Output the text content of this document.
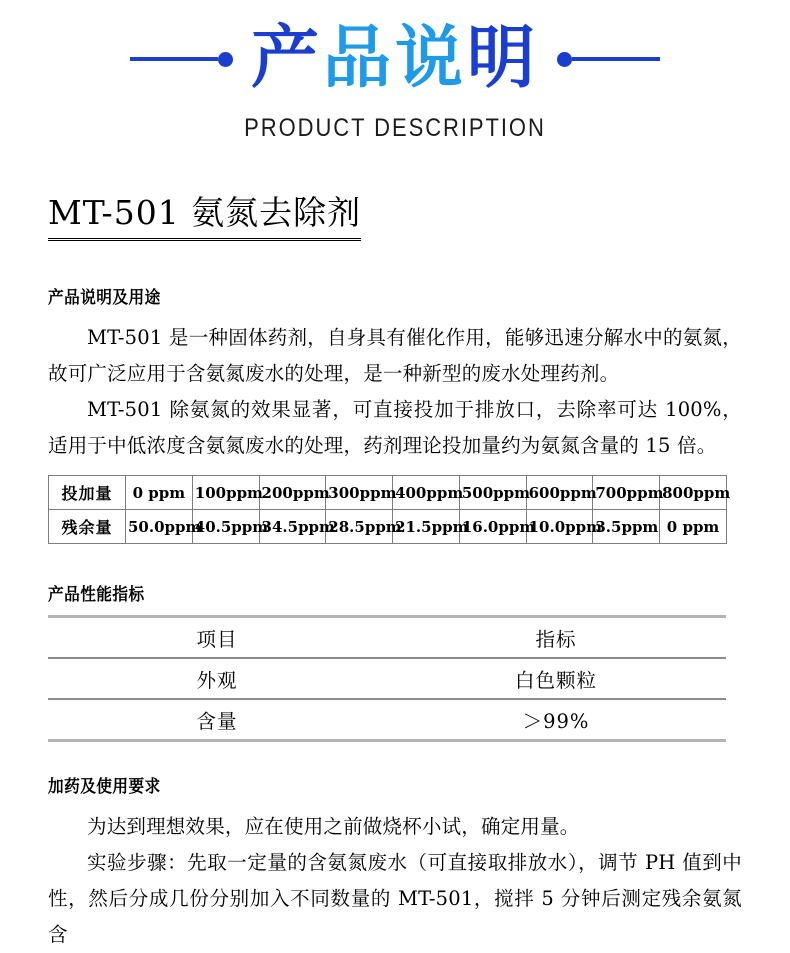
产品说明
PRODUCT DESCRIPTION
MT-501 氨氮去除剂

产品说明及用途

MT-501 是一种固体药剂，自身具有催化作用，能够迅速分解水中的氨氮，故可广泛应用于含氨氮废水的处理，是一种新型的废水处理药剂。

MT-501 除氨氮的效果显著，可直接投加于排放口，去除率可达 100%，适用于中低浓度含氨氮废水的处理，药剂理论投加量约为氨氮含量的 15 倍。

投加量	0 ppm	100ppm	200ppm	300ppm	400ppm	500ppm	600ppm	700ppm	800ppm
残余量	50.0ppm	40.5ppm	34.5ppm	28.5ppm	21.5ppm	16.0ppm	10.0ppm	3.5ppm	0 ppm

产品性能指标

项目	指标
外观	白色颗粒
含量	＞99%

加药及使用要求

为达到理想效果，应在使用之前做烧杯小试，确定用量。

实验步骤：先取一定量的含氨氮废水（可直接取排放水），调节 PH 值到中性，然后分成几份分别加入不同数量的 MT-501，搅拌 5 分钟后测定残余氨氮含
